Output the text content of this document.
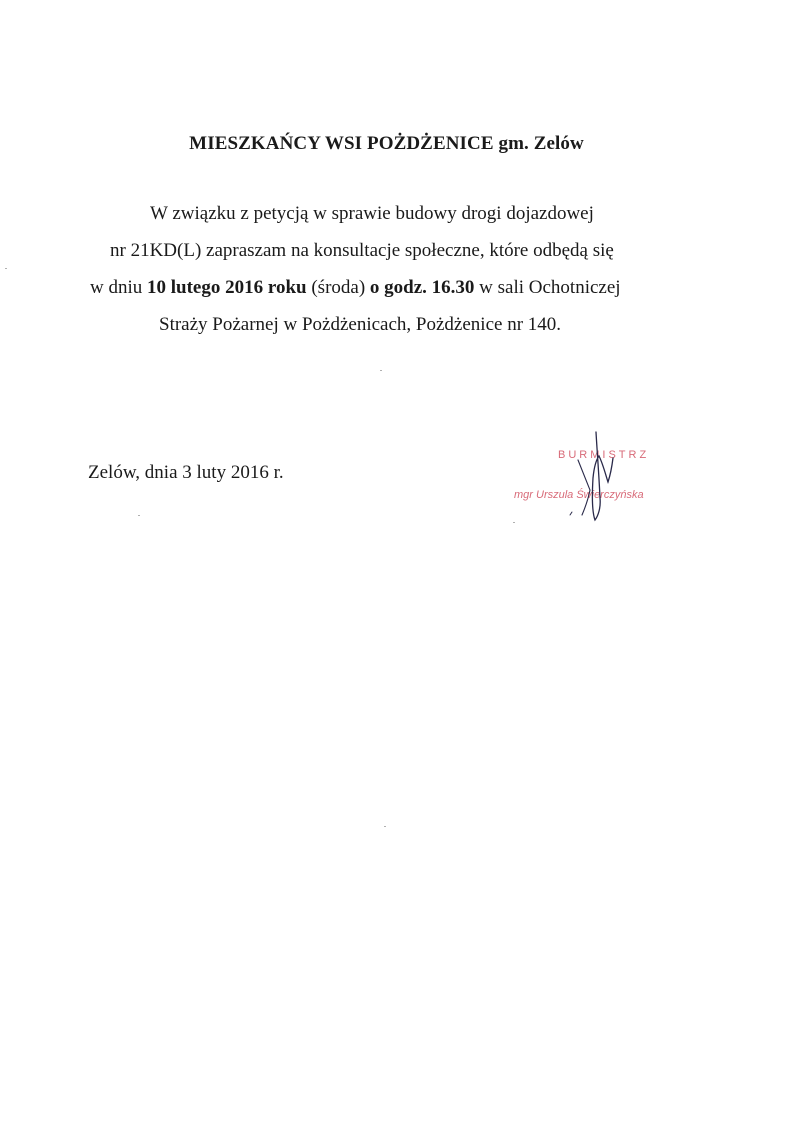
MIESZKAŃCY WSI POŻDŻENICE gm. Zelów
W związku z petycją w sprawie budowy drogi dojazdowej
nr 21KD(L) zapraszam na konsultacje społeczne, które odbędą się
w dniu 10 lutego 2016 roku (środa) o godz. 16.30 w sali Ochotniczej
Straży Pożarnej w Pożdżenicach, Pożdżenice nr 140.
Zelów, dnia 3 luty 2016 r.
BURMISTRZ
mgr Urszula Świerczyńska
